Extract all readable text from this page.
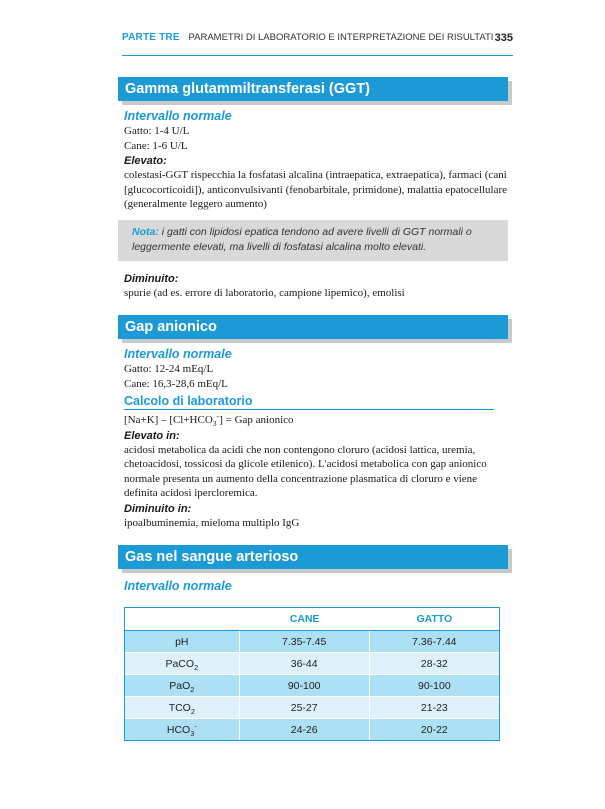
PARTE TRE PARAMETRI DI LABORATORIO E INTERPRETAZIONE DEI RISULTATI 335
Gamma glutammiltransferasi (GGT)
Intervallo normale

Gatto: 1-4 U/L

Cane: 1-6 U/L

Elevato:

colestasi-GGT rispecchia la fosfatasi alcalina (intraepatica, extraepatica), farmaci (cani [glucocorticoidi]), anticonvulsivanti (fenobarbitale, primidone), malattia epatocellulare (generalmente leggero aumento)

Nota: i gatti con lipidosi epatica tendono ad avere livelli di GGT normali o leggermente elevati, ma livelli di fosfatasi alcalina molto elevati.
Diminuito:

spurie (ad es. errore di laboratorio, campione lipemico), emolisi

Gap anionico
Intervallo normale

Gatto: 12-24 mEq/L

Cane: 16,3-28,6 mEq/L

Calcolo di laboratorio
$[Na+K] - [Cl+HCO_3^-]$ = Gap anionico
Elevato in:

acidosi metabolica da acidi che non contengono cloruro (acidosi lattica, uremia, chetoacidosi, tossicosi da glicole etilenico). L'acidosi metabolica con gap anionico normale presenta un aumento della concentrazione plasmatica di cloruro e viene definita acidosi ipercloremica.

Diminuito in:

ipoalbuminemia, mieloma multiplo IgG

Gas nel sangue arterioso
Intervallo normale
	CANE	GATTO
pH	7.35-7.45	7.36-7.44
PaCO$_2$	36-44	28-32
PaO$_2$	90-100	90-100
$TCO_2$	25-27	21-23
$HCO_3^-$	24-26	20-22
